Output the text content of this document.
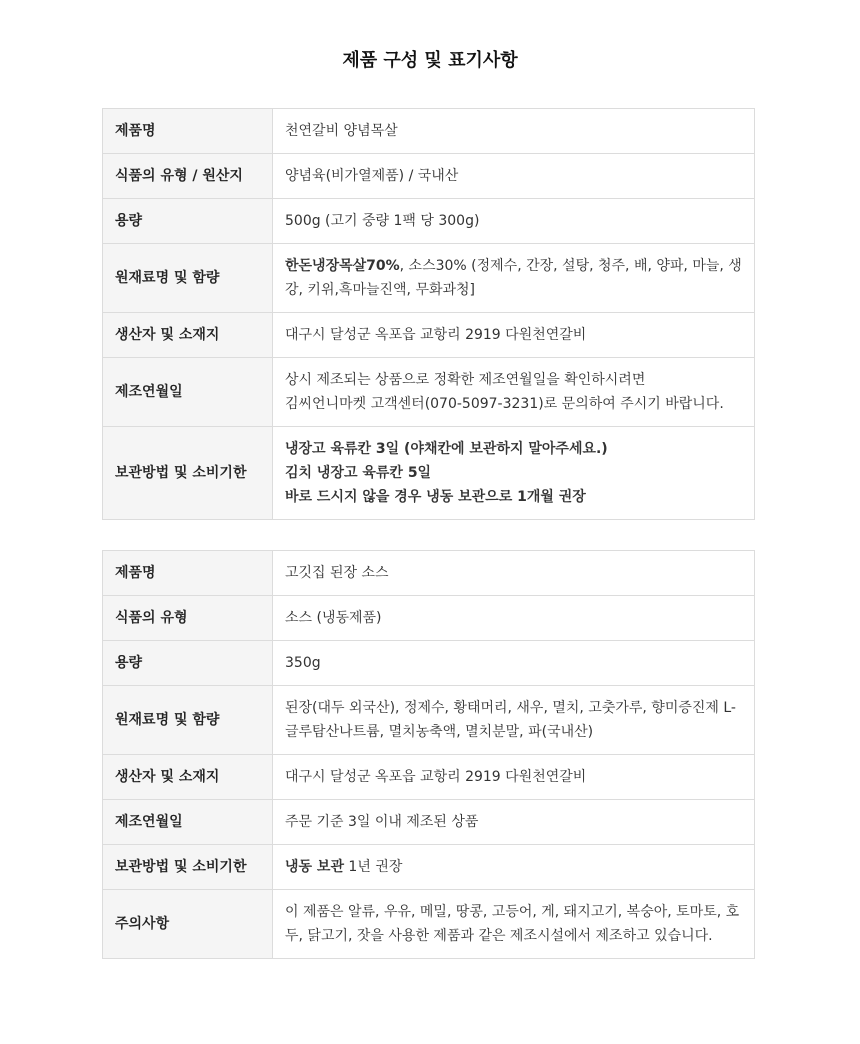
제품 구성 및 표기사항
제품명	천연갈비 양념목살
식품의 유형 / 원산지	양념육(비가열제품) / 국내산
용량	500g (고기 중량 1팩 당 300g)
원재료명 및 함량	한돈냉장목살70%, 소스30% (정제수, 간장, 설탕, 청주, 배, 양파, 마늘, 생강, 키위,흑마늘진액, 무화과청]
생산자 및 소재지	대구시 달성군 옥포읍 교항리 2919 다원천연갈비
제조연월일	상시 제조되는 상품으로 정확한 제조연월일을 확인하시려면
김씨언니마켓 고객센터(070-5097-3231)로 문의하여 주시기 바랍니다.

보관방법 및 소비기한	냉장고 육류칸 3일 (야채칸에 보관하지 말아주세요.)
김치 냉장고 육류칸 5일
바로 드시지 않을 경우 냉동 보관으로 1개월 권장
제품명	고깃집 된장 소스
식품의 유형	소스 (냉동제품)
용량	350g
원재료명 및 함량	된장(대두 외국산), 정제수, 황태머리, 새우, 멸치, 고춧가루, 향미증진제 L-글루탐산나트륨, 멸치농축액, 멸치분말, 파(국내산)
생산자 및 소재지	대구시 달성군 옥포읍 교항리 2919 다원천연갈비
제조연월일	주문 기준 3일 이내 제조된 상품
보관방법 및 소비기한	냉동 보관 1년 권장
주의사항	이 제품은 알류, 우유, 메밀, 땅콩, 고등어, 게, 돼지고기, 복숭아, 토마토, 호두, 닭고기, 잣을 사용한 제품과 같은 제조시설에서 제조하고 있습니다.
